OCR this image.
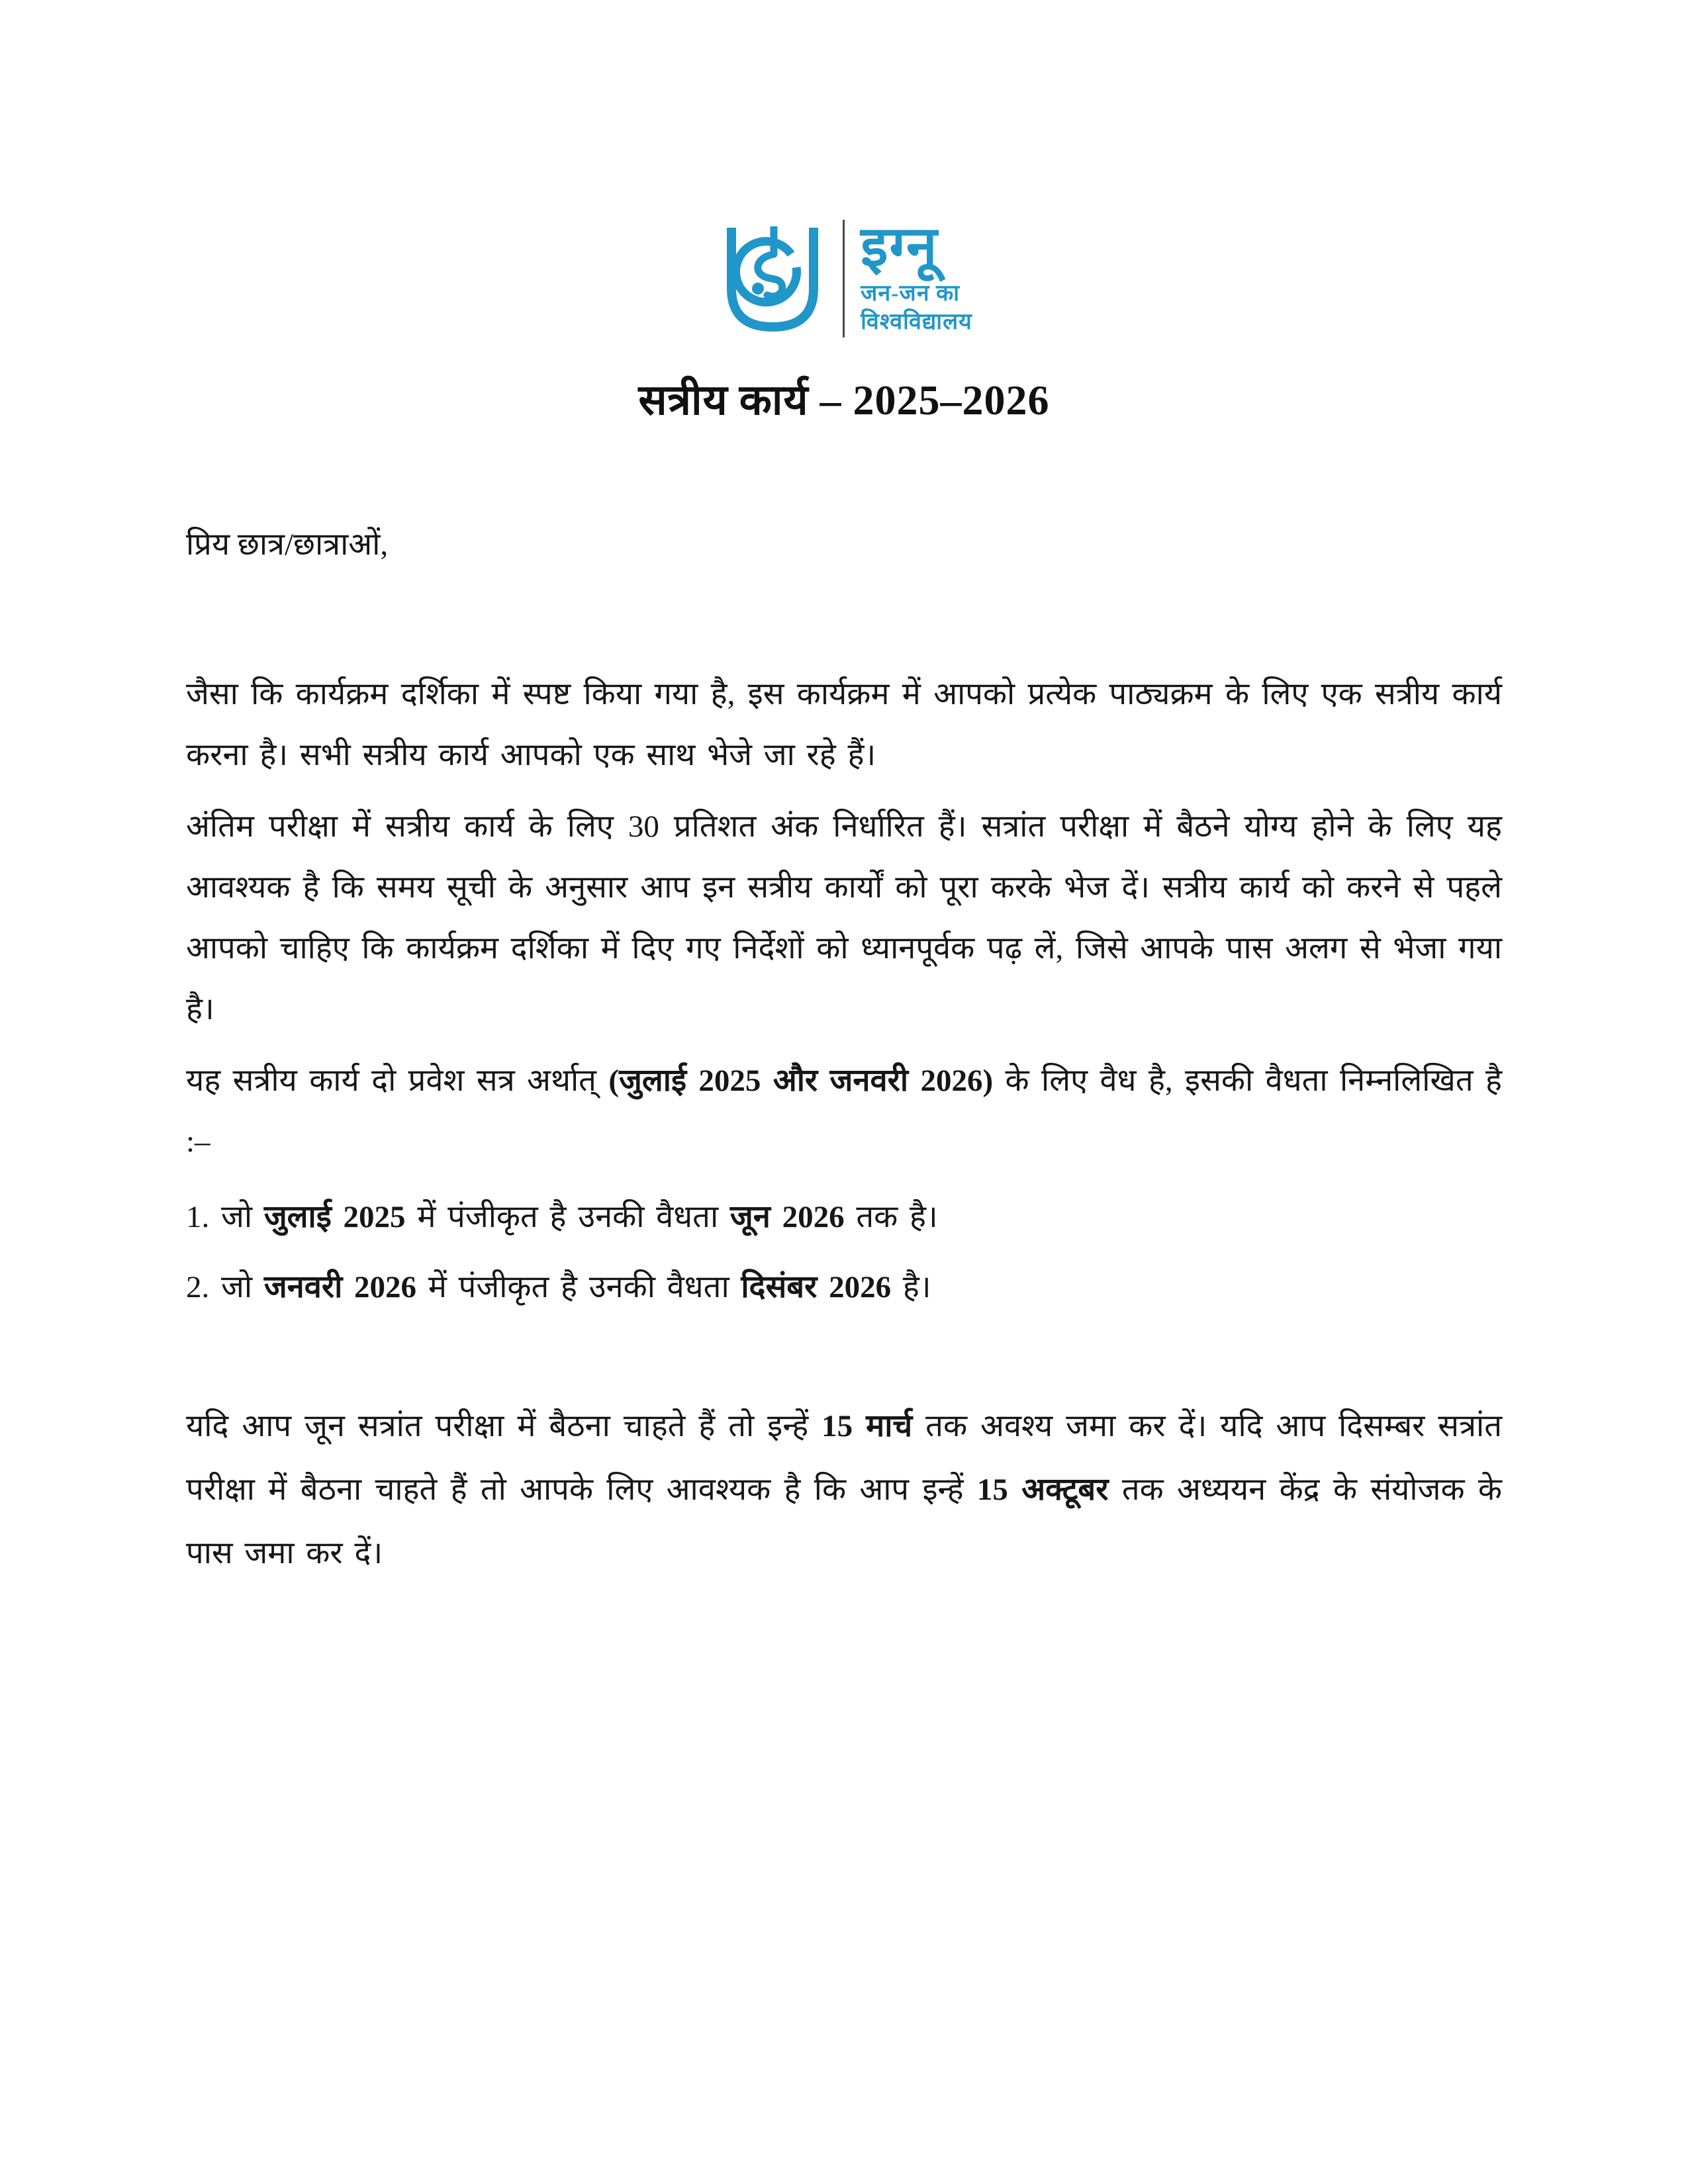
इग्नू
जन-जन का
विश्वविद्यालय
सत्रीय कार्य – 2025–2026

प्रिय छात्र/छात्राओं,

जैसा कि कार्यक्रम दर्शिका में स्पष्ट किया गया है, इस कार्यक्रम में आपको प्रत्येक पाठ्यक्रम के लिए एक सत्रीय कार्य करना है। सभी सत्रीय कार्य आपको एक साथ भेजे जा रहे हैं।

अंतिम परीक्षा में सत्रीय कार्य के लिए 30 प्रतिशत अंक निर्धारित हैं। सत्रांत परीक्षा में बैठने योग्य होने के लिए यह आवश्यक है कि समय सूची के अनुसार आप इन सत्रीय कार्यों को पूरा करके भेज दें। सत्रीय कार्य को करने से पहले आपको चाहिए कि कार्यक्रम दर्शिका में दिए गए निर्देशों को ध्यानपूर्वक पढ़ लें, जिसे आपके पास अलग से भेजा गया है।

यह सत्रीय कार्य दो प्रवेश सत्र अर्थात् (जुलाई 2025 और जनवरी 2026) के लिए वैध है, इसकी वैधता निम्नलिखित है :–

1. जो जुलाई 2025 में पंजीकृत है उनकी वैधता जून 2026 तक है।

2. जो जनवरी 2026 में पंजीकृत है उनकी वैधता दिसंबर 2026 है।

यदि आप जून सत्रांत परीक्षा में बैठना चाहते हैं तो इन्हें 15 मार्च तक अवश्य जमा कर दें। यदि आप दिसम्बर सत्रांत परीक्षा में बैठना चाहते हैं तो आपके लिए आवश्यक है कि आप इन्हें 15 अक्टूबर तक अध्ययन केंद्र के संयोजक के पास जमा कर दें।
